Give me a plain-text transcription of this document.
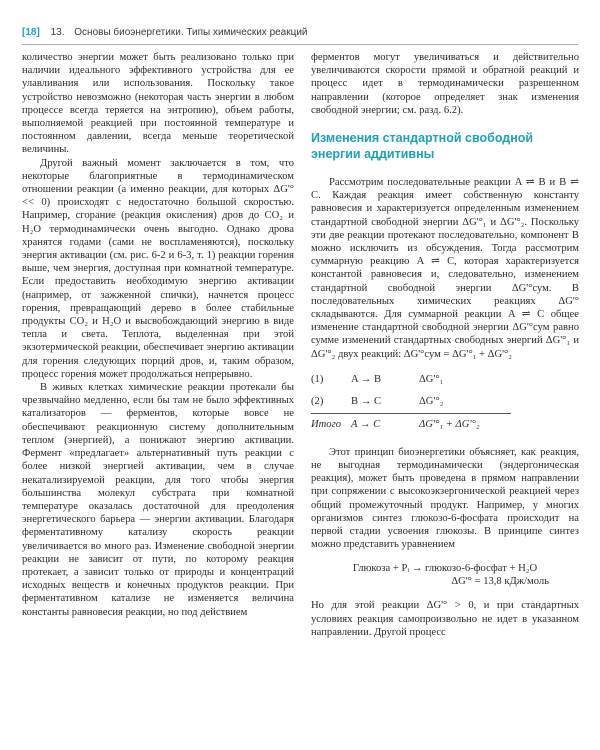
[18] 13. Основы биоэнергетики. Типы химических реакций

количество энергии может быть реализовано только при наличии идеального эффективного устройства для ее улавливания или использования. Поскольку такое устройство невозможно (некоторая часть энергии в любом процессе всегда теряется на энтропию), объем работы, выполняемой реакцией при постоянной температуре и постоянном давлении, всегда меньше теоретической величины.

Другой важный момент заключается в том, что некоторые благоприятные в термодинамическом отношении реакции (а именно реакции, для которых ΔG'° << 0) происходят с недостаточно большой скоростью. Например, сгорание (реакция окисления) дров до CO₂ и H₂O термодинамически очень выгодно. Однако дрова хранятся годами (сами не воспламеняются), поскольку энергия активации (см. рис. 6-2 и 6-3, т. 1) реакции горения выше, чем энергия, доступная при комнатной температуре. Если предоставить необходимую энергию активации (например, от зажженной спички), начнется процесс горения, превращающий дерево в более стабильные продукты CO₂ и H₂O и высвобождающий энергию в виде тепла и света. Теплота, выделенная при этой экзотермической реакции, обеспечивает энергию активации для горения следующих порций дров, и, таким образом, процесс горения может продолжаться непрерывно.

В живых клетках химические реакции протекали бы чрезвычайно медленно, если бы там не было эффективных катализаторов — ферментов, которые вовсе не обеспечивают реакционную систему дополнительным теплом (энергией), а понижают энергию активации. Фермент «предлагает» альтернативный путь реакции с более низкой энергией активации, чем в случае некатализируемой реакции, для того чтобы энергия большинства молекул субстрата при комнатной температуре оказалась достаточной для преодоления энергетического барьера — энергии активации. Благодаря ферментативному катализу скорость реакции увеличивается во много раз. Изменение свободной энергии реакции не зависит от пути, по которому реакция протекает, а зависит только от природы и концентраций исходных веществ и конечных продуктов реакции. При ферментативном катализе не изменяется величина константы равновесия реакции, но под действием

ферментов могут увеличиваться и действительно увеличиваются скорости прямой и обратной реакций и процесс идет в термодинамически разрешенном направлении (которое определяет знак изменения свободной энергии; см. разд. 6.2).

Изменения стандартной свободной энергии аддитивны

Рассмотрим последовательные реакции A ⇌ B и B ⇌ C. Каждая реакция имеет собственную константу равновесия и характеризуется определенным изменением стандартной свободной энергии ΔG'°₁ и ΔG'°₂. Поскольку эти две реакции протекают последовательно, компонент B можно исключить из обсуждения. Тогда рассмотрим суммарную реакцию A ⇌ C, которая характеризуется константой равновесия и, следовательно, изменением стандартной свободной энергии ΔG'°сум. В последовательных химических реакциях ΔG'° складываются. Для суммарной реакции A ⇌ C общее изменение стандартной свободной энергии ΔG'°сум равно сумме изменений стандартных свободных энергий ΔG'°₁ и ΔG'°₂ двух реакций: ΔG'°сум = ΔG'°₁ + ΔG'°₂

(1)	A → B	ΔG'°₁
(2)	B → C	ΔG'°₂
Итого	A → C	ΔG'°₁ + ΔG'°₂

Этот принцип биоэнергетики объясняет, как реакция, не выгодная термодинамически (эндергоническая реакция), может быть проведена в прямом направлении при сопряжении с высокоэкзергонической реакцией через общий промежуточный продукт. Например, у многих организмов синтез глюкозо-6-фосфата происходит на первой стадии усвоения глюкозы. В принципе синтез можно представить уравнением

Глюкоза + Pᵢ → глюкозо-6-фосфат + H₂O
ΔG'° = 13,8 кДж/моль

Но для этой реакции ΔG'° > 0, и при стандартных условиях реакция самопроизвольно не идет в указанном направлении. Другой процесс
